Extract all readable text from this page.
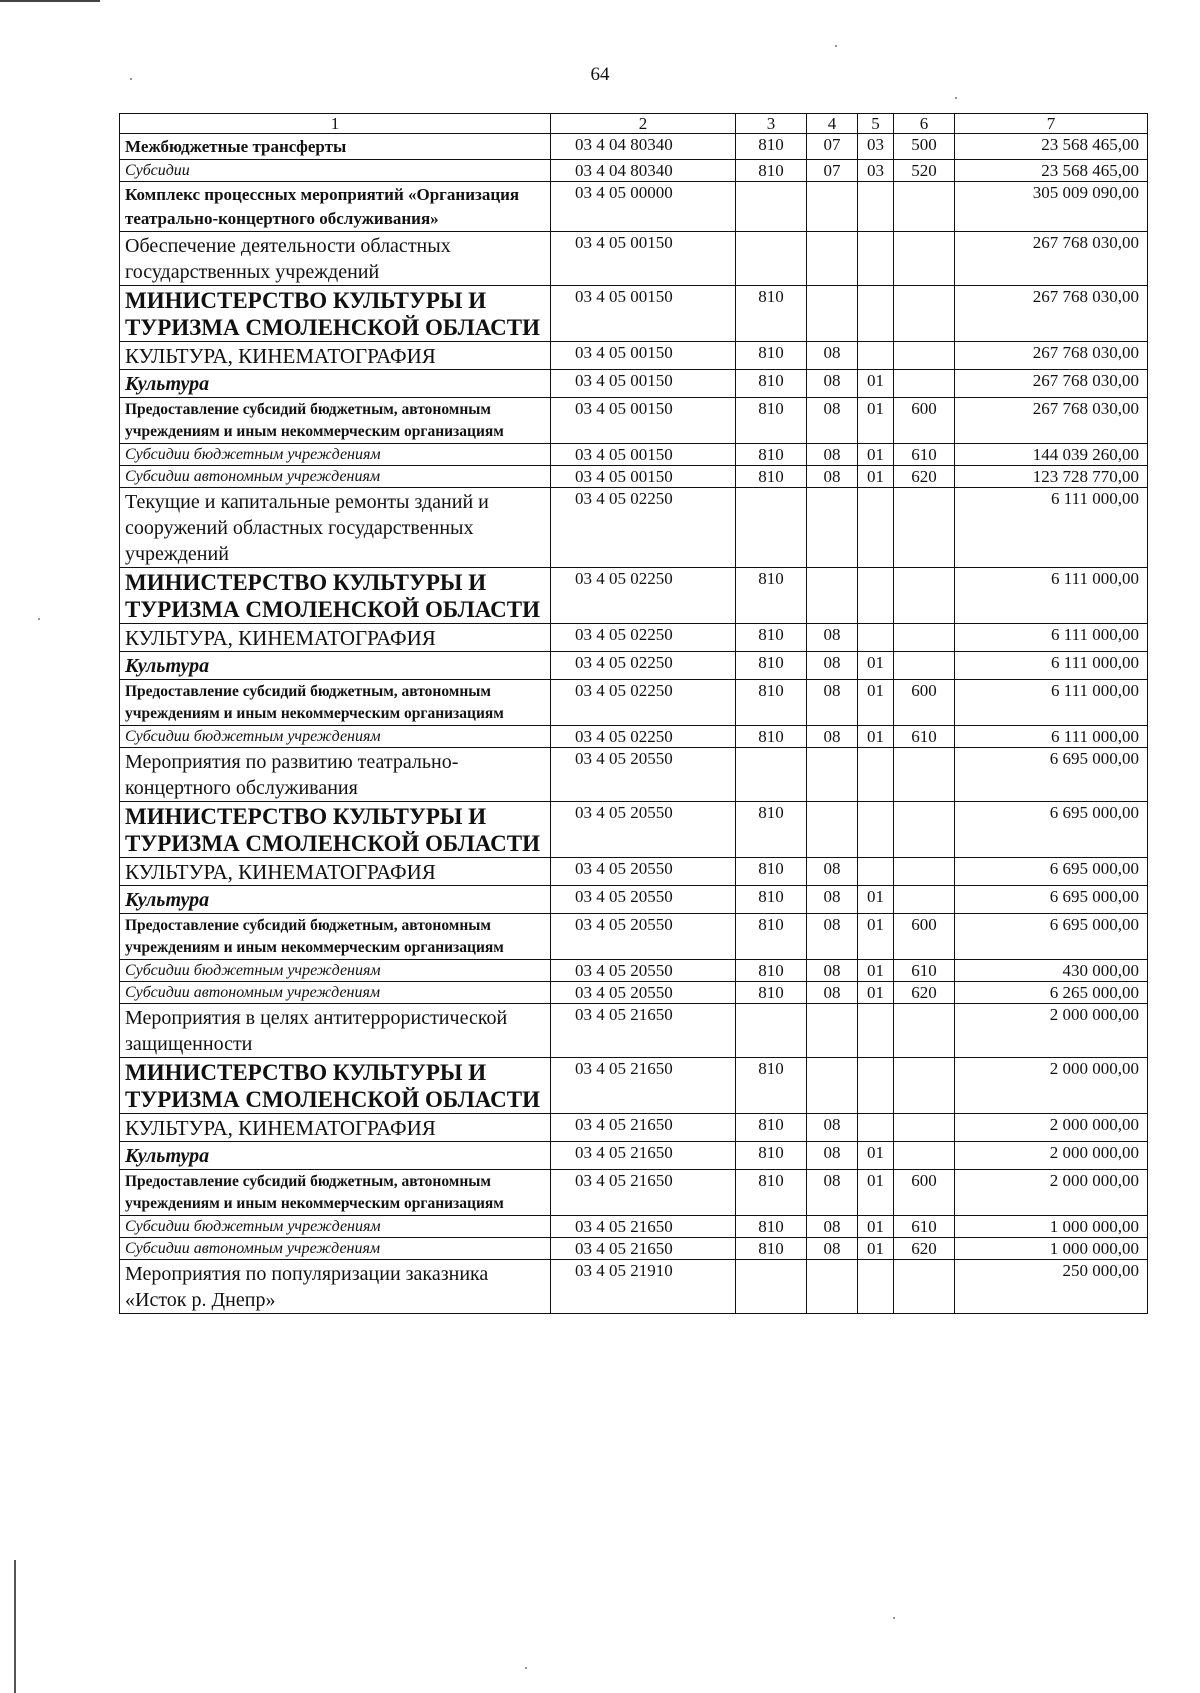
64
1	2	3	4	5	6	7
Межбюджетные трансферты	03 4 04 80340	810	07	03	500	23 568 465,00
Субсидии	03 4 04 80340	810	07	03	520	23 568 465,00
Комплекс процессных мероприятий «Организация театрально-концертного обслуживания»	03 4 05 00000					305 009 090,00
Обеспечение деятельности областных государственных учреждений	03 4 05 00150					267 768 030,00
МИНИСТЕРСТВО КУЛЬТУРЫ И ТУРИЗМА СМОЛЕНСКОЙ ОБЛАСТИ	03 4 05 00150	810				267 768 030,00
КУЛЬТУРА, КИНЕМАТОГРАФИЯ	03 4 05 00150	810	08			267 768 030,00
Культура	03 4 05 00150	810	08	01		267 768 030,00
Предоставление субсидий бюджетным, автономным учреждениям и иным некоммерческим организациям	03 4 05 00150	810	08	01	600	267 768 030,00
Субсидии бюджетным учреждениям	03 4 05 00150	810	08	01	610	144 039 260,00
Субсидии автономным учреждениям	03 4 05 00150	810	08	01	620	123 728 770,00
Текущие и капитальные ремонты зданий и сооружений областных государственных учреждений	03 4 05 02250					6 111 000,00
МИНИСТЕРСТВО КУЛЬТУРЫ И ТУРИЗМА СМОЛЕНСКОЙ ОБЛАСТИ	03 4 05 02250	810				6 111 000,00
КУЛЬТУРА, КИНЕМАТОГРАФИЯ	03 4 05 02250	810	08			6 111 000,00
Культура	03 4 05 02250	810	08	01		6 111 000,00
Предоставление субсидий бюджетным, автономным учреждениям и иным некоммерческим организациям	03 4 05 02250	810	08	01	600	6 111 000,00
Субсидии бюджетным учреждениям	03 4 05 02250	810	08	01	610	6 111 000,00
Мероприятия по развитию театрально-концертного обслуживания	03 4 05 20550					6 695 000,00
МИНИСТЕРСТВО КУЛЬТУРЫ И ТУРИЗМА СМОЛЕНСКОЙ ОБЛАСТИ	03 4 05 20550	810				6 695 000,00
КУЛЬТУРА, КИНЕМАТОГРАФИЯ	03 4 05 20550	810	08			6 695 000,00
Культура	03 4 05 20550	810	08	01		6 695 000,00
Предоставление субсидий бюджетным, автономным учреждениям и иным некоммерческим организациям	03 4 05 20550	810	08	01	600	6 695 000,00
Субсидии бюджетным учреждениям	03 4 05 20550	810	08	01	610	430 000,00
Субсидии автономным учреждениям	03 4 05 20550	810	08	01	620	6 265 000,00
Мероприятия в целях антитеррористической защищенности	03 4 05 21650					2 000 000,00
МИНИСТЕРСТВО КУЛЬТУРЫ И ТУРИЗМА СМОЛЕНСКОЙ ОБЛАСТИ	03 4 05 21650	810				2 000 000,00
КУЛЬТУРА, КИНЕМАТОГРАФИЯ	03 4 05 21650	810	08			2 000 000,00
Культура	03 4 05 21650	810	08	01		2 000 000,00
Предоставление субсидий бюджетным, автономным учреждениям и иным некоммерческим организациям	03 4 05 21650	810	08	01	600	2 000 000,00
Субсидии бюджетным учреждениям	03 4 05 21650	810	08	01	610	1 000 000,00
Субсидии автономным учреждениям	03 4 05 21650	810	08	01	620	1 000 000,00
Мероприятия по популяризации заказника «Исток р. Днепр»	03 4 05 21910					250 000,00
